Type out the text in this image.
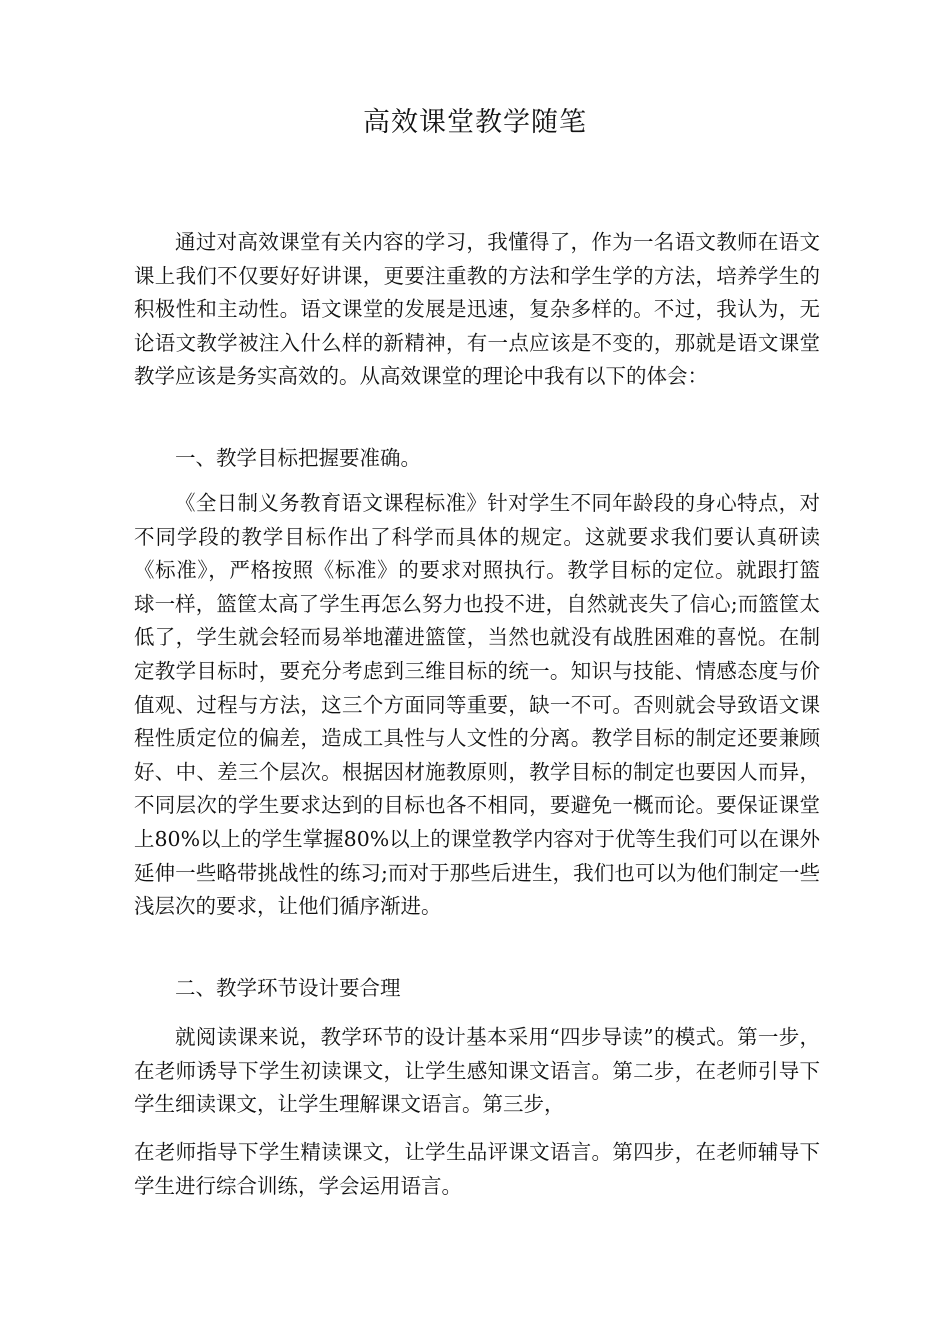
高效课堂教学随笔

通过对高效课堂有关内容的学习，我懂得了，作为一名语文教师在语文课上我们不仅要好好讲课，更要注重教的方法和学生学的方法，培养学生的积极性和主动性。语文课堂的发展是迅速，复杂多样的。不过，我认为，无论语文教学被注入什么样的新精神，有一点应该是不变的，那就是语文课堂教学应该是务实高效的。从高效课堂的理论中我有以下的体会：

一、教学目标把握要准确。

《全日制义务教育语文课程标准》针对学生不同年龄段的身心特点，对不同学段的教学目标作出了科学而具体的规定。这就要求我们要认真研读《标准》，严格按照《标准》的要求对照执行。教学目标的定位。就跟打篮球一样，篮筐太高了学生再怎么努力也投不进，自然就丧失了信心;而篮筐太低了，学生就会轻而易举地灌进篮筐，当然也就没有战胜困难的喜悦。在制定教学目标时，要充分考虑到三维目标的统一。知识与技能、情感态度与价值观、过程与方法，这三个方面同等重要，缺一不可。否则就会导致语文课程性质定位的偏差，造成工具性与人文性的分离。教学目标的制定还要兼顾好、中、差三个层次。根据因材施教原则，教学目标的制定也要因人而异，不同层次的学生要求达到的目标也各不相同，要避免一概而论。要保证课堂上80%以上的学生掌握80%以上的课堂教学内容对于优等生我们可以在课外延伸一些略带挑战性的练习;而对于那些后进生，我们也可以为他们制定一些浅层次的要求，让他们循序渐进。

二、教学环节设计要合理

就阅读课来说，教学环节的设计基本采用“四步导读”的模式。第一步，在老师诱导下学生初读课文，让学生感知课文语言。第二步，在老师引导下学生细读课文，让学生理解课文语言。第三步，

在老师指导下学生精读课文，让学生品评课文语言。第四步，在老师辅导下学生进行综合训练，学会运用语言。
